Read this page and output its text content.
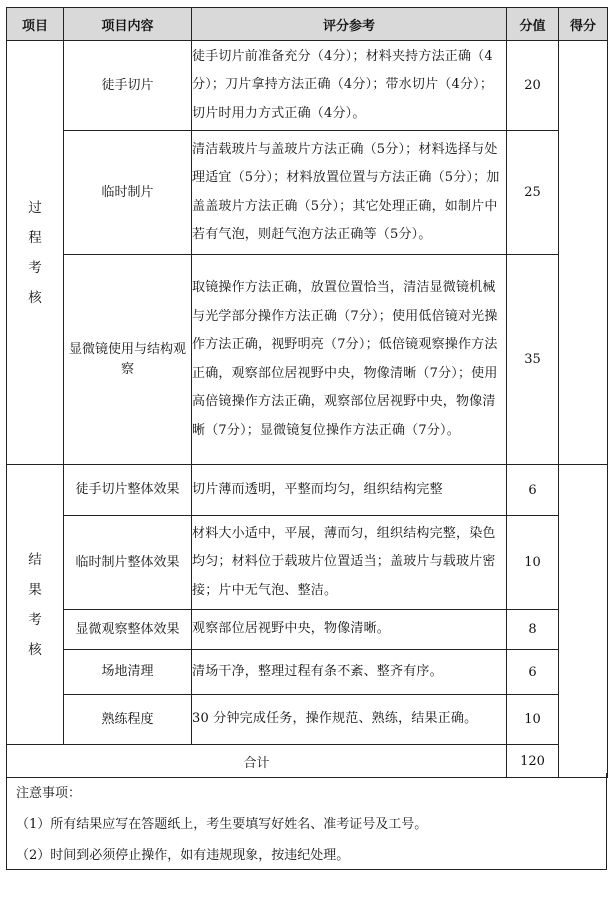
项目	项目内容	评分参考	分值	得分
过
程
考
核	徒手切片	徒手切片前准备充分（4分）；材料夹持方法正确（4分）；刀片拿持方法正确（4分）；带水切片（4分）；切片时用力方式正确（4分）。	20	
	临时制片	清洁载玻片与盖玻片方法正确（5分）；材料选择与处理适宜（5分）；材料放置位置与方法正确（5分）；加盖盖玻片方法正确（5分）；其它处理正确，如制片中若有气泡，则赶气泡方法正确等（5分）。	25	
	显微镜使用与结构观察	取镜操作方法正确，放置位置恰当，清洁显微镜机械与光学部分操作方法正确（7分）；使用低倍镜对光操作方法正确，视野明亮（7分）；低倍镜观察操作方法正确，观察部位居视野中央，物像清晰（7分）；使用高倍镜操作方法正确，观察部位居视野中央，物像清晰（7分）；显微镜复位操作方法正确（7分）。	35	
结
果
考
核	徒手切片整体效果	切片薄而透明，平整而均匀，组织结构完整	6	
	临时制片整体效果	材料大小适中，平展，薄而匀，组织结构完整，染色均匀；材料位于载玻片位置适当；盖玻片与载玻片密接；片中无气泡、整洁。	10	
	显微观察整体效果	观察部位居视野中央，物像清晰。	8	
	场地清理	清场干净，整理过程有条不紊、整齐有序。	6	
	熟练程度	30 分钟完成任务，操作规范、熟练，结果正确。	10	
合计			120	
注意事项：
（1）所有结果应写在答题纸上，考生要填写好姓名、准考证号及工号。
（2）时间到必须停止操作，如有违规现象，按违纪处理。
